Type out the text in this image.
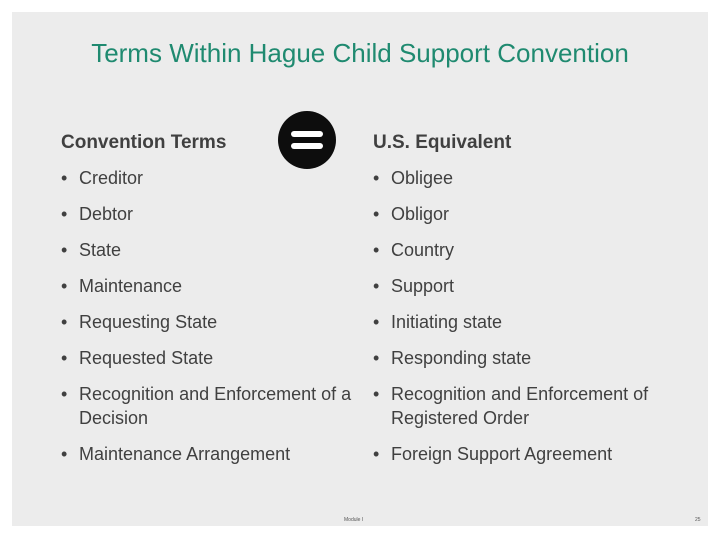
Terms Within Hague Child Support Convention
Convention Terms	U.S. Equivalent
• Creditor
• Debtor
• State
• Maintenance
• Requesting State
• Requested State
• Recognition and Enforcement of a Decision
• Maintenance Arrangement
• Obligee
• Obligor
• Country
• Support
• Initiating state
• Responding state
• Recognition and Enforcement of Registered Order
• Foreign Support Agreement
Module I	25
